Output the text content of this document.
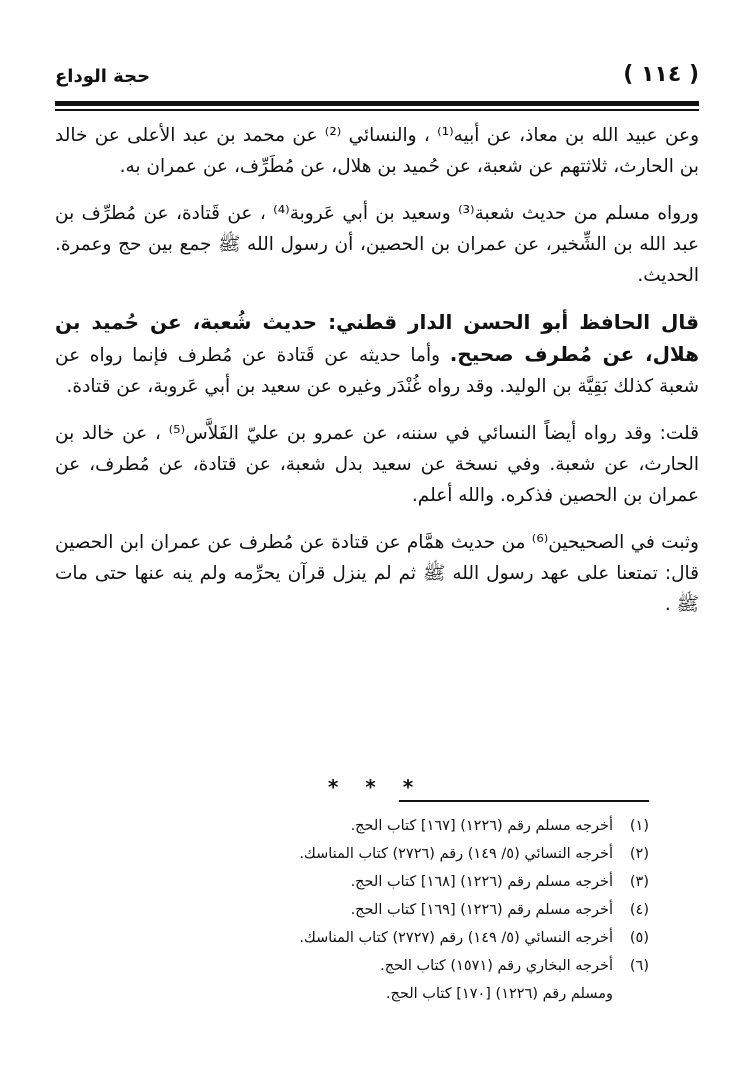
( ١١٤ )
حجة الوداع

وعن عبيد الله بن معاذ، عن أبيه⁽¹⁾ ، والنسائي ⁽²⁾ عن محمد بن عبد الأعلى عن خالد بن الحارث، ثلاثتهم عن شعبة، عن حُميد بن هلال، عن مُطَرِّف، عن عمران به.

ورواه مسلم من حديث شعبة⁽³⁾ وسعيد بن أبي عَروبة⁽⁴⁾ ، عن قَتادة، عن مُطرِّف بن عبد الله بن الشِّخير، عن عمران بن الحصين، أن رسول الله ﷺ جمع بين حج وعمرة. الحديث.

قال الحافظ أبو الحسن الدار قطني: حديث شُعبة، عن حُميد بن هلال، عن مُطرف صحيح. وأما حديثه عن قَتادة عن مُطرف فإنما رواه عن شعبة كذلك بَقِيَّة بن الوليد. وقد رواه غُنْدَر وغيره عن سعيد بن أبي عَروبة، عن قتادة.

قلت: وقد رواه أيضاً النسائي في سننه، عن عمرو بن عليّ الفَلاَّس⁽⁵⁾ ، عن خالد بن الحارث، عن شعبة. وفي نسخة عن سعيد بدل شعبة، عن قتادة، عن مُطرف، عن عمران بن الحصين فذكره. والله أعلم.

وثبت في الصحيحين⁽⁶⁾ من حديث همَّام عن قتادة عن مُطرف عن عمران ابن الحصين قال: تمتعنا على عهد رسول الله ﷺ ثم لم ينزل قرآن يحرِّمه ولم ينه عنها حتى مات ﷺ .

* * *
(١)
أخرجه مسلم رقم (١٢٢٦) [١٦٧] كتاب الحج.
(٢)
أخرجه النسائي (٥/ ١٤٩) رقم (٢٧٢٦) كتاب المناسك.
(٣)
أخرجه مسلم رقم (١٢٢٦) [١٦٨] كتاب الحج.
(٤)
أخرجه مسلم رقم (١٢٢٦) [١٦٩] كتاب الحج.
(٥)
أخرجه النسائي (٥/ ١٤٩) رقم (٢٧٢٧) كتاب المناسك.
(٦)
أخرجه البخاري رقم (١٥٧١) كتاب الحج.
ومسلم رقم (١٢٢٦) [١٧٠] كتاب الحج.
